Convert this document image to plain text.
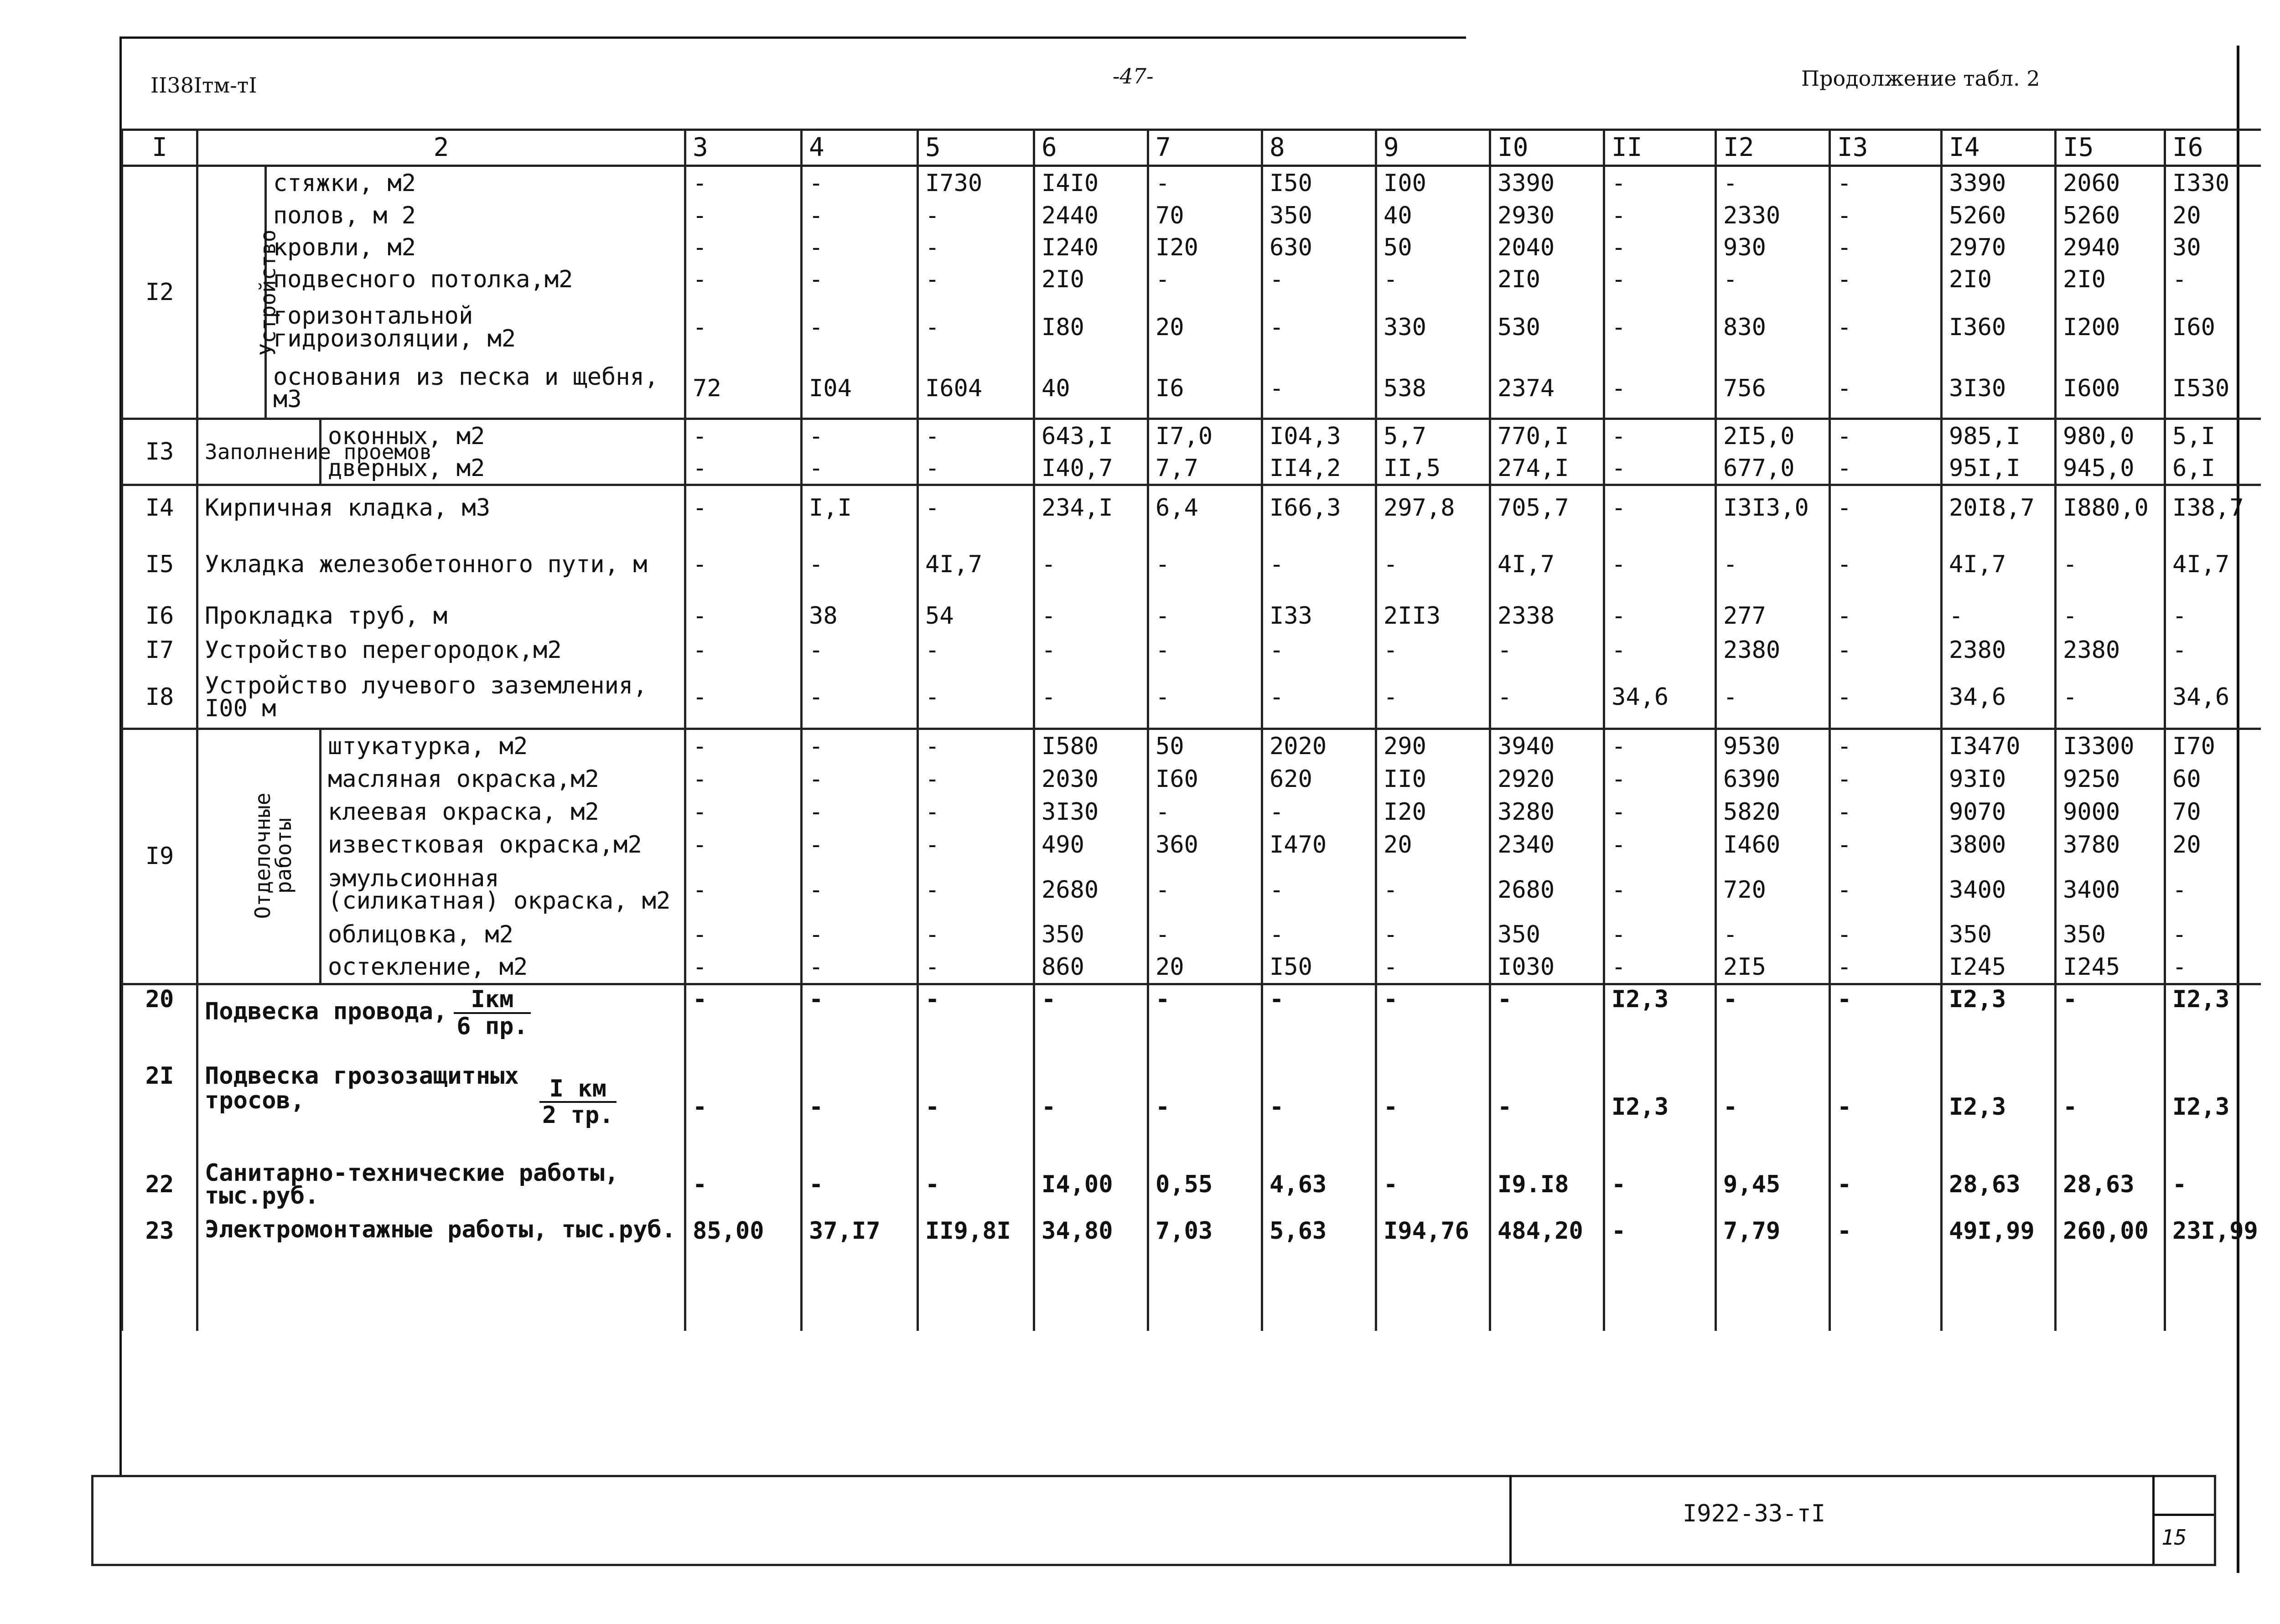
II38Iтм-тI	-47-	Продолжение табл. 2
I	2			3	4	5	6	7	8	9	I0	II	I2	I3	I4	I5	I6
I2	Устройство	стяжки, м2		-	-	I730	I4I0	-	I50	I00	3390	-	-	-	3390	2060	I330
		полов, м 2		-	-	-	2440	70	350	40	2930	-	2330	-	5260	5260	20
		кровли, м2		-	-	-	I240	I20	630	50	2040	-	930	-	2970	2940	30
		подвесного потолка,м2		-	-	-	2I0	-	-	-	2I0	-	-	-	2I0	2I0	-
		горизонтальной гидроизоляции, м2		-	-	-	I80	20	-	330	530	-	830	-	I360	I200	I60
		основания из песка и щебня, м3		72	I04	I604	40	I6	-	538	2374	-	756	-	3I30	I600	I530
I3	Заполнение проемов		оконных, м2	-	-	-	643,I	I7,0	I04,3	5,7	770,I	-	2I5,0	-	985,I	980,0	5,I
			дверных, м2	-	-	-	I40,7	7,7	II4,2	II,5	274,I	-	677,0	-	95I,I	945,0	6,I
I4	Кирпичная кладка, м3			-	I,I	-	234,I	6,4	I66,3	297,8	705,7	-	I3I3,0	-	20I8,7	I880,0	I38,7
I5	Укладка железобетонного пути, м			-	-	4I,7	-	-	-	-	4I,7	-	-	-	4I,7	-	4I,7
I6	Прокладка труб, м			-	38	54	-	-	I33	2II3	2338	-	277	-	-	-	-
I7	Устройство перегородок,м2			-	-	-	-	-	-	-	-	-	2380	-	2380	2380	-
I8	Устройство лучевого заземления, I00 м			-	-	-	-	-	-	-	-	34,6	-	-	34,6	-	34,6
I9	Отделочные работы		штукатурка, м2	-	-	-	I580	50	2020	290	3940	-	9530	-	I3470	I3300	I70
			масляная окраска,м2	-	-	-	2030	I60	620	II0	2920	-	6390	-	93I0	9250	60
			клеевая окраска, м2	-	-	-	3I30	-	-	I20	3280	-	5820	-	9070	9000	70
			известковая окраска,м2	-	-	-	490	360	I470	20	2340	-	I460	-	3800	3780	20
			эмульсионная (силикатная) окраска, м2	-	-	-	2680	-	-	-	2680	-	720	-	3400	3400	-
			облицовка, м2	-	-	-	350	-	-	-	350	-	-	-	350	350	-
			остекление, м2	-	-	-	860	20	I50	-	I030	-	2I5	-	I245	I245	-
20	Подвеска провода, $\frac{\text{Iкм}}{6 пр.}$			-	-	-	-	-	-	-	-	I2,3	-	-	I2,3	-	I2,3
2I	Подвеска грозозащитных тросов, $\frac{\text{I км}}{2 тр.}$			-	-	-	-	-	-	-	-	I2,3	-	-	I2,3	-	I2,3
22	Санитарно-технические работы, тыс.руб.			-	-	-	I4,00	0,55	4,63	-	I9.I8	-	9,45	-	28,63	28,63	-
23	Электромонтажные работы, тыс.руб.			85,00	37,I7	II9,8I	34,80	7,03	5,63	I94,76	484,20	-	7,79	-	49I,99	260,00	23I,99
I922-33-тI
15
